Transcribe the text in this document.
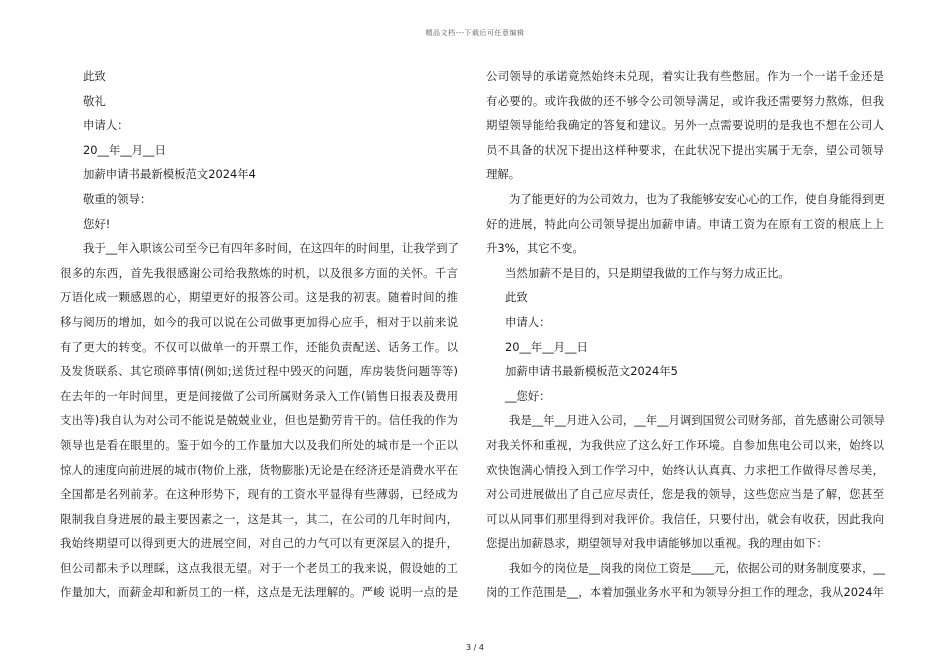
精品文档---下载后可任意编辑
此致
敬礼
申请人：
20__年__月__日
加薪申请书最新模板范文2024年4
敬重的领导：
您好!
我于__年入职该公司至今已有四年多时间，在这四年的时间里，让我学到了
很多的东西，首先我很感谢公司给我熬炼的时机，以及很多方面的关怀。千言
万语化成一颗感恩的心，期望更好的报答公司。这是我的初衷。随着时间的推
移与阅历的增加，如今的我可以说在公司做事更加得心应手，相对于以前来说
有了更大的转变。不仅可以做单一的开票工作，还能负责配送、话务工作。以
及发货联系、其它琐碎事情(例如;送货过程中毁灭的问题，库房装货问题等等)
在去年的一年时间里，更是间接做了公司所属财务录入工作(销售日报表及费用
支出等)我自认为对公司不能说是兢兢业业，但也是勤劳肯干的。信任我的作为
领导也是看在眼里的。鉴于如今的工作量加大以及我们所处的城市是一个正以
惊人的速度向前进展的城市(物价上涨，货物膨胀)无论是在经济还是消费水平在
全国都是名列前茅。在这种形势下，现有的工资水平显得有些薄弱，已经成为
限制我自身进展的最主要因素之一，这是其一，其二，在公司的几年时间内，
我始终期望可以得到更大的进展空间，对自己的力气可以有更深层入的提升，
但公司都未予以理睬，这点我很无望。对于一个老员工的我来说，假设她的工
作量加大，而薪金却和新员工的一样，这点是无法理解的。严峻 说明一点的是
公司领导的承诺竟然始终未兑现，着实让我有些憋屈。作为一个一诺千金还是
有必要的。或许我做的还不够令公司领导满足，或许我还需要努力熬炼，但我
期望领导能给我确定的答复和建议。另外一点需要说明的是我也不想在公司人
员不具备的状况下提出这样种要求，在此状况下提出实属于无奈，望公司领导
理解。
为了能更好的为公司效力，也为了我能够安安心心的工作，使自身能得到更
好的进展，特此向公司领导提出加薪申请。申请工资为在原有工资的根底上上
升3%，其它不变。
当然加薪不是目的，只是期望我做的工作与努力成正比。
此致
申请人：
20__年__月__日
加薪申请书最新模板范文2024年5
__您好：
我是__年__月进入公司，__年__月调到国贸公司财务部，首先感谢公司领导
对我关怀和重视，为我供应了这么好工作环境。自参加焦电公司以来，始终以
欢快饱满心情投入到工作学习中，始终认认真真、力求把工作做得尽善尽美，
对公司进展做出了自己应尽责任，您是我的领导，这些您应当是了解，您甚至
可以从同事们那里得到对我评价。我信任，只要付出，就会有收获，因此我向
您提出加薪恳求，期望领导对我申请能够加以重视。我的理由如下：
我如今的岗位是__岗我的岗位工资是____元，依据公司的财务制度要求，__
岗的工作范围是__，本着加强业务水平和为领导分担工作的理念，我从2024年
3 / 4
